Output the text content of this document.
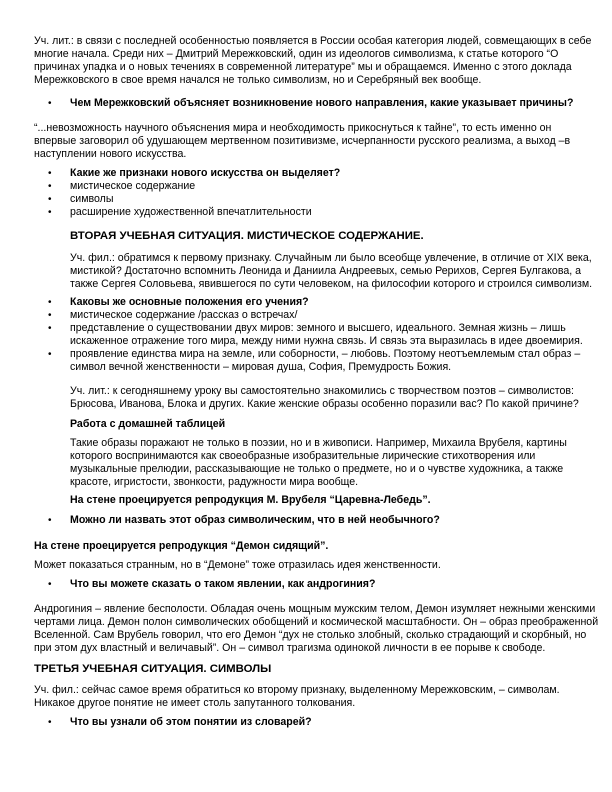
Уч. лит.: в связи с последней особенностью появляется в России особая категория людей, совмещающих в себе

многие начала. Среди них – Дмитрий Мережковский, один из идеологов символизма, к статье которого “О

причинах упадка и о новых течениях в современной литературе” мы и обращаемся. Именно с этого доклада

Мережковского в свое время начался не только символизм, но и Серебряный век вообще.

•

Чем Мережковский объясняет возникновение нового направления, какие указывает причины?

“...невозможность научного объяснения мира и необходимость прикоснуться к тайне”, то есть именно он

впервые заговорил об удушающем мертвенном позитивизме, исчерпанности русского реализма, а выход –в

наступлении нового искусства.

•

Какие же признаки нового искусства он выделяет?

•

мистическое содержание

•

символы

•

расширение художественной впечатлительности

ВТОРАЯ УЧЕБНАЯ СИТУАЦИЯ. МИСТИЧЕСКОЕ СОДЕРЖАНИЕ.

Уч. фил.: обратимся к первому признаку. Случайным ли было всеобще увлечение, в отличие от XIX века,

мистикой? Достаточно вспомнить Леонида и Даниила Андреевых, семью Рерихов, Сергея Булгакова, а

также Сергея Соловьева, явившегося по сути человеком, на философии которого и строился символизм.

•

Каковы же основные положения его учения?

•

мистическое содержание /рассказ о встречах/

•

представление о существовании двух миров: земного и высшего, идеального. Земная жизнь – лишь

искаженное отражение того мира, между ними нужна связь. И связь эта выразилась в идее двоемирия.

•

проявление единства мира на земле, или соборности, – любовь. Поэтому неотъемлемым стал образ –

символ вечной женственности – мировая душа, София, Премудрость Божия.

Уч. лит.: к сегодняшнему уроку вы самостоятельно знакомились с творчеством поэтов – символистов:

Брюсова, Иванова, Блока и других. Какие женские образы особенно поразили вас? По какой причине?

Работа с домашней таблицей

Такие образы поражают не только в поэзии, но и в живописи. Например, Михаила Врубеля, картины

которого воспринимаются как своеобразные изобразительные лирические стихотворения или

музыкальные прелюдии, рассказывающие не только о предмете, но и о чувстве художника, а также

красоте, игристости, звонкости, радужности мира вообще.

На стене проецируется репродукция М. Врубеля “Царевна-Лебедь”.

•

Можно ли назвать этот образ символическим, что в ней необычного?

На стене проецируется репродукция “Демон сидящий”.

Может показаться странным, но в “Демоне” тоже отразилась идея женственности.

•

Что вы можете сказать о таком явлении, как андрогиния?

Андрогиния – явление бесполости. Обладая очень мощным мужским телом, Демон изумляет нежными женскими

чертами лица. Демон полон символических обобщений и космической масштабности. Он – образ преображенной

Вселенной. Сам Врубель говорил, что его Демон “дух не столько злобный, сколько страдающий и скорбный, но

при этом дух властный и величавый”. Он – символ трагизма одинокой личности в ее порыве к свободе.

ТРЕТЬЯ УЧЕБНАЯ СИТУАЦИЯ. СИМВОЛЫ

Уч. фил.: сейчас самое время обратиться ко второму признаку, выделенному Мережковским, – символам.

Никакое другое понятие не имеет столь запутанного толкования.

•

Что вы узнали об этом понятии из словарей?
